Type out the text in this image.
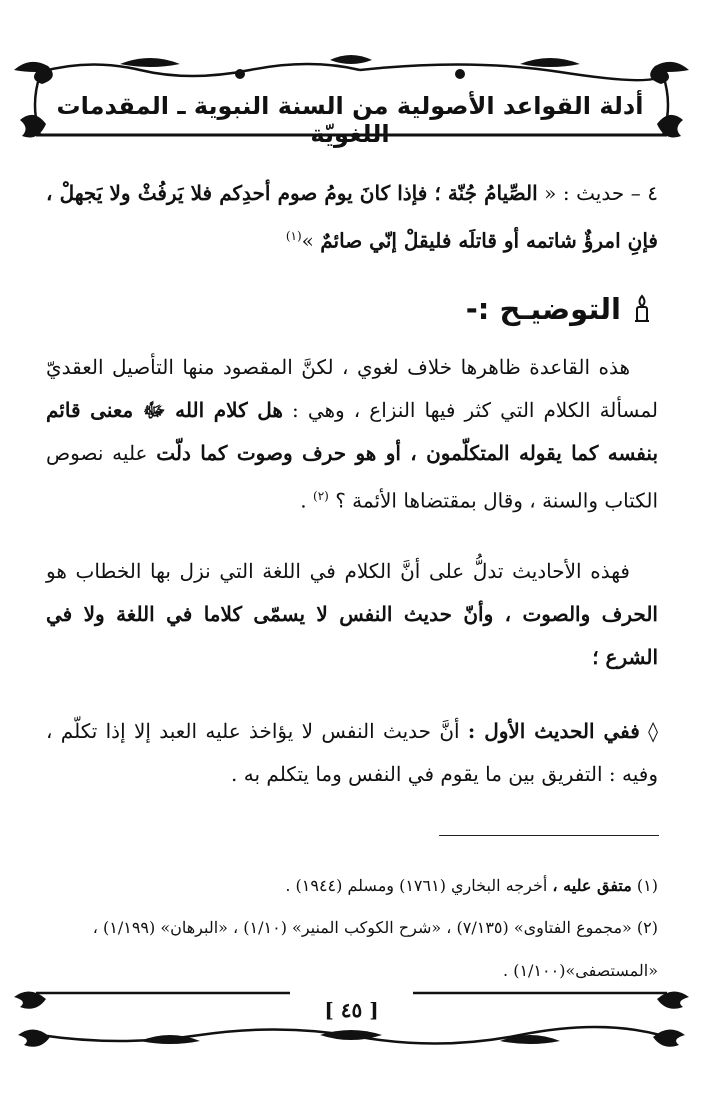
أدلة القواعد الأصولية من السنة النبوية ـ المقدمات اللغويّة
٤ – حديث : « الصِّيامُ جُنّة ؛ فإذا كانَ يومُ صوم أحدِكم فلا يَرفُثْ ولا يَجهلْ ، فإنِ امرؤٌ شاتمه أو قاتلَه فليقلْ إنّي صائمٌ »$^{(١)}$
التوضيـح :-
هذه القاعدة ظاهرها خلاف لغوي ، لكنَّ المقصود منها التأصيل العقديّ لمسألة الكلام التي كثر فيها النزاع ، وهي : هل كلام الله ﷻ معنى قائم بنفسه كما يقوله المتكلّمون ، أو هو حرف وصوت كما دلّت عليه نصوص الكتاب والسنة ، وقال بمقتضاها الأئمة ؟ $^{(٢)}$ .
فهذه الأحاديث تدلُّ على أنَّ الكلام في اللغة التي نزل بها الخطاب هو الحرف والصوت ، وأنّ حديث النفس لا يسمّى كلاما في اللغة ولا في الشرع ؛
◊ ففي الحديث الأول : أنَّ حديث النفس لا يؤاخذ عليه العبد إلا إذا تكلّم ، وفيه : التفريق بين ما يقوم في النفس وما يتكلم به .
(١) متفق عليه ، أخرجه البخاري (١٧٦١) ومسلم (١٩٤٤) .
(٢) «مجموع الفتاوى» (٧/١٣٥) ، «شرح الكوكب المنير» (١/١٠) ، «البرهان» (١/١٩٩) ، «المستصفى»(١/١٠٠) .
[ ٤٥ ]
